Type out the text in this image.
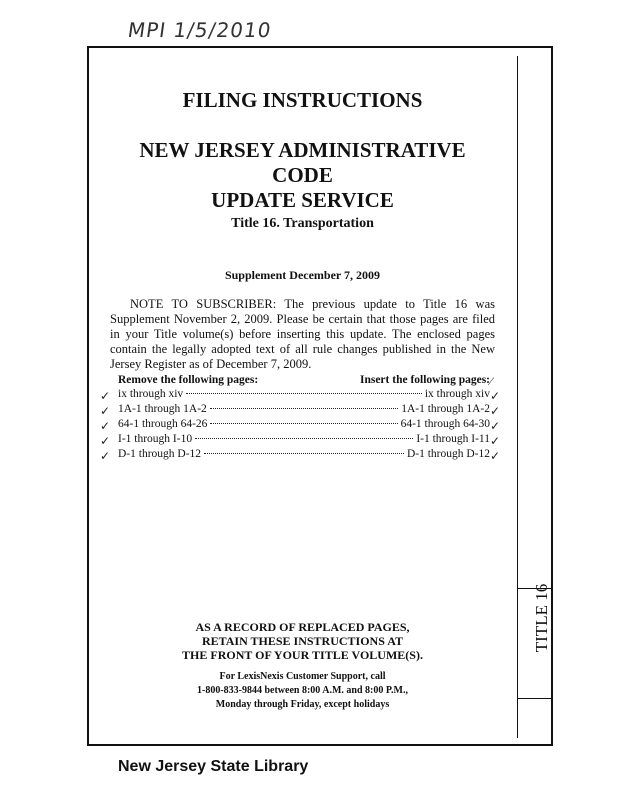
MPI 1/5/2010
TITLE 16
FILING INSTRUCTIONS
NEW JERSEY ADMINISTRATIVE CODE
UPDATE SERVICE
Title 16. Transportation
Supplement December 7, 2009
NOTE TO SUBSCRIBER: The previous update to Title 16 was Supplement November 2, 2009. Please be certain that those pages are filed in your Title volume(s) before inserting this update. The enclosed pages contain the legally adopted text of all rule changes published in the New Jersey Register as of December 7, 2009.
Remove the following pages:	Insert the following pages:
ix through xiv	ix through xiv
1A-1 through 1A-2	1A-1 through 1A-2
64-1 through 64-26	64-1 through 64-30
I-1 through I-10	I-1 through I-11
D-1 through D-12	D-1 through D-12
✓
✓
✓
✓
✓
⁄
✓
✓
✓
✓
✓
AS A RECORD OF REPLACED PAGES,
RETAIN THESE INSTRUCTIONS AT
THE FRONT OF YOUR TITLE VOLUME(S).
For LexisNexis Customer Support, call
1-800-833-9844 between 8:00 A.M. and 8:00 P.M.,
Monday through Friday, except holidays
New Jersey State Library
